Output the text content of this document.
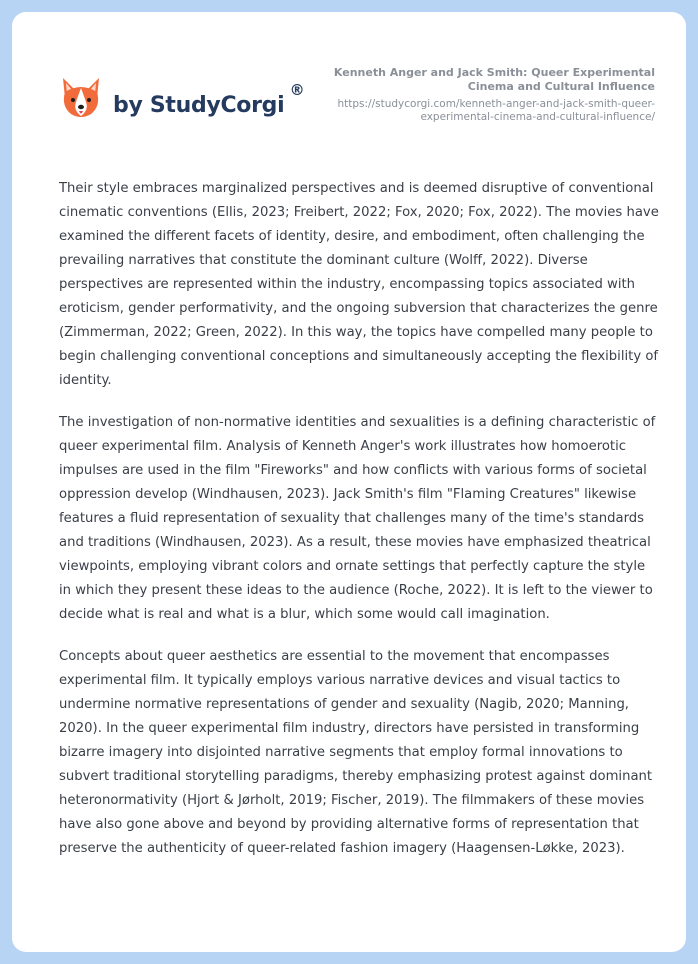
by StudyCorgi
®
Kenneth Anger and Jack Smith: Queer Experimental
Cinema and Cultural Influence
https://studycorgi.com/kenneth-anger-and-jack-smith-queer-
experimental-cinema-and-cultural-influence/

Their style embraces marginalized perspectives and is deemed disruptive of conventional cinematic conventions (Ellis, 2023; Freibert, 2022; Fox, 2020; Fox, 2022). The movies have examined the different facets of identity, desire, and embodiment, often challenging the prevailing narratives that constitute the dominant culture (Wolff, 2022). Diverse perspectives are represented within the industry, encompassing topics associated with eroticism, gender performativity, and the ongoing subversion that characterizes the genre (Zimmerman, 2022; Green, 2022). In this way, the topics have compelled many people to begin challenging conventional conceptions and simultaneously accepting the flexibility of identity.

The investigation of non-normative identities and sexualities is a defining characteristic of queer experimental film. Analysis of Kenneth Anger's work illustrates how homoerotic impulses are used in the film "Fireworks" and how conflicts with various forms of societal oppression develop (Windhausen, 2023). Jack Smith's film "Flaming Creatures" likewise features a fluid representation of sexuality that challenges many of the time's standards and traditions (Windhausen, 2023). As a result, these movies have emphasized theatrical viewpoints, employing vibrant colors and ornate settings that perfectly capture the style in which they present these ideas to the audience (Roche, 2022). It is left to the viewer to decide what is real and what is a blur, which some would call imagination.

Concepts about queer aesthetics are essential to the movement that encompasses experimental film. It typically employs various narrative devices and visual tactics to undermine normative representations of gender and sexuality (Nagib, 2020; Manning, 2020). In the queer experimental film industry, directors have persisted in transforming bizarre imagery into disjointed narrative segments that employ formal innovations to subvert traditional storytelling paradigms, thereby emphasizing protest against dominant heteronormativity (Hjort & Jørholt, 2019; Fischer, 2019). The filmmakers of these movies have also gone above and beyond by providing alternative forms of representation that preserve the authenticity of queer-related fashion imagery (Haagensen-Løkke, 2023).
